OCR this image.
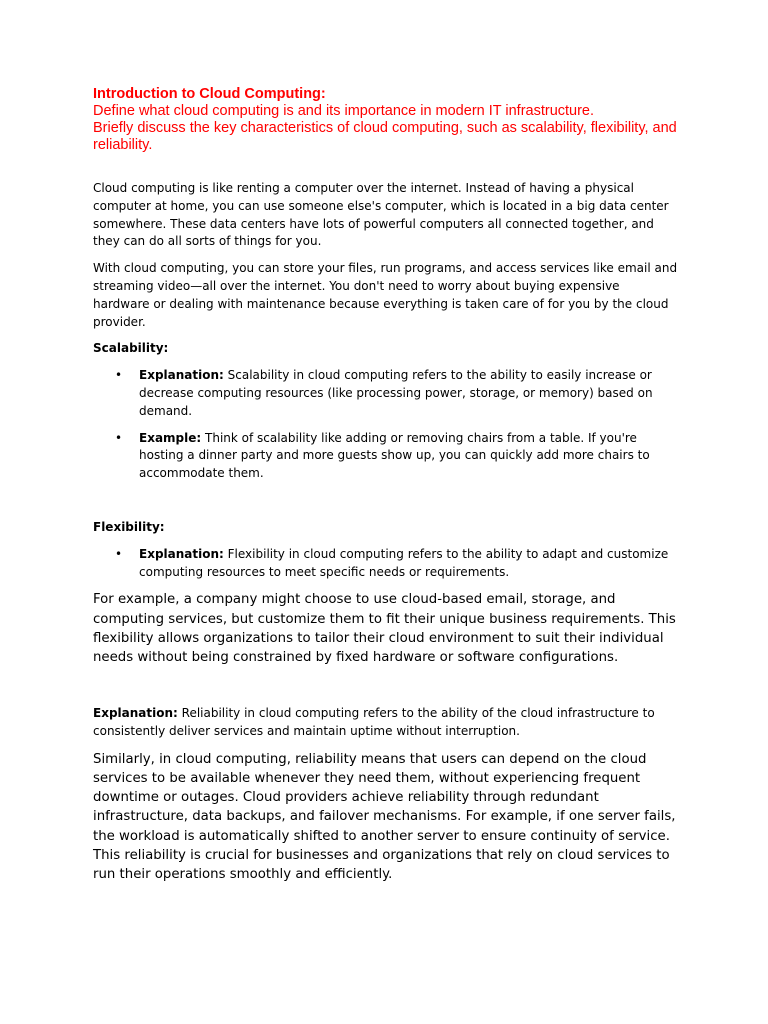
Introduction to Cloud Computing:

Define what cloud computing is and its importance in modern IT infrastructure.

Briefly discuss the key characteristics of cloud computing, such as scalability, flexibility, and reliability.

Cloud computing is like renting a computer over the internet. Instead of having a physical computer at home, you can use someone else's computer, which is located in a big data center somewhere. These data centers have lots of powerful computers all connected together, and they can do all sorts of things for you.

With cloud computing, you can store your files, run programs, and access services like email and streaming video—all over the internet. You don't need to worry about buying expensive hardware or dealing with maintenance because everything is taken care of for you by the cloud provider.

Scalability:

• Explanation: Scalability in cloud computing refers to the ability to easily increase or decrease computing resources (like processing power, storage, or memory) based on demand.
• Example: Think of scalability like adding or removing chairs from a table. If you're hosting a dinner party and more guests show up, you can quickly add more chairs to accommodate them.

Flexibility:

• Explanation: Flexibility in cloud computing refers to the ability to adapt and customize computing resources to meet specific needs or requirements.

For example, a company might choose to use cloud-based email, storage, and computing services, but customize them to fit their unique business requirements. This flexibility allows organizations to tailor their cloud environment to suit their individual needs without being constrained by fixed hardware or software configurations.

Explanation: Reliability in cloud computing refers to the ability of the cloud infrastructure to consistently deliver services and maintain uptime without interruption.

Similarly, in cloud computing, reliability means that users can depend on the cloud services to be available whenever they need them, without experiencing frequent downtime or outages. Cloud providers achieve reliability through redundant infrastructure, data backups, and failover mechanisms. For example, if one server fails, the workload is automatically shifted to another server to ensure continuity of service. This reliability is crucial for businesses and organizations that rely on cloud services to run their operations smoothly and efficiently.
